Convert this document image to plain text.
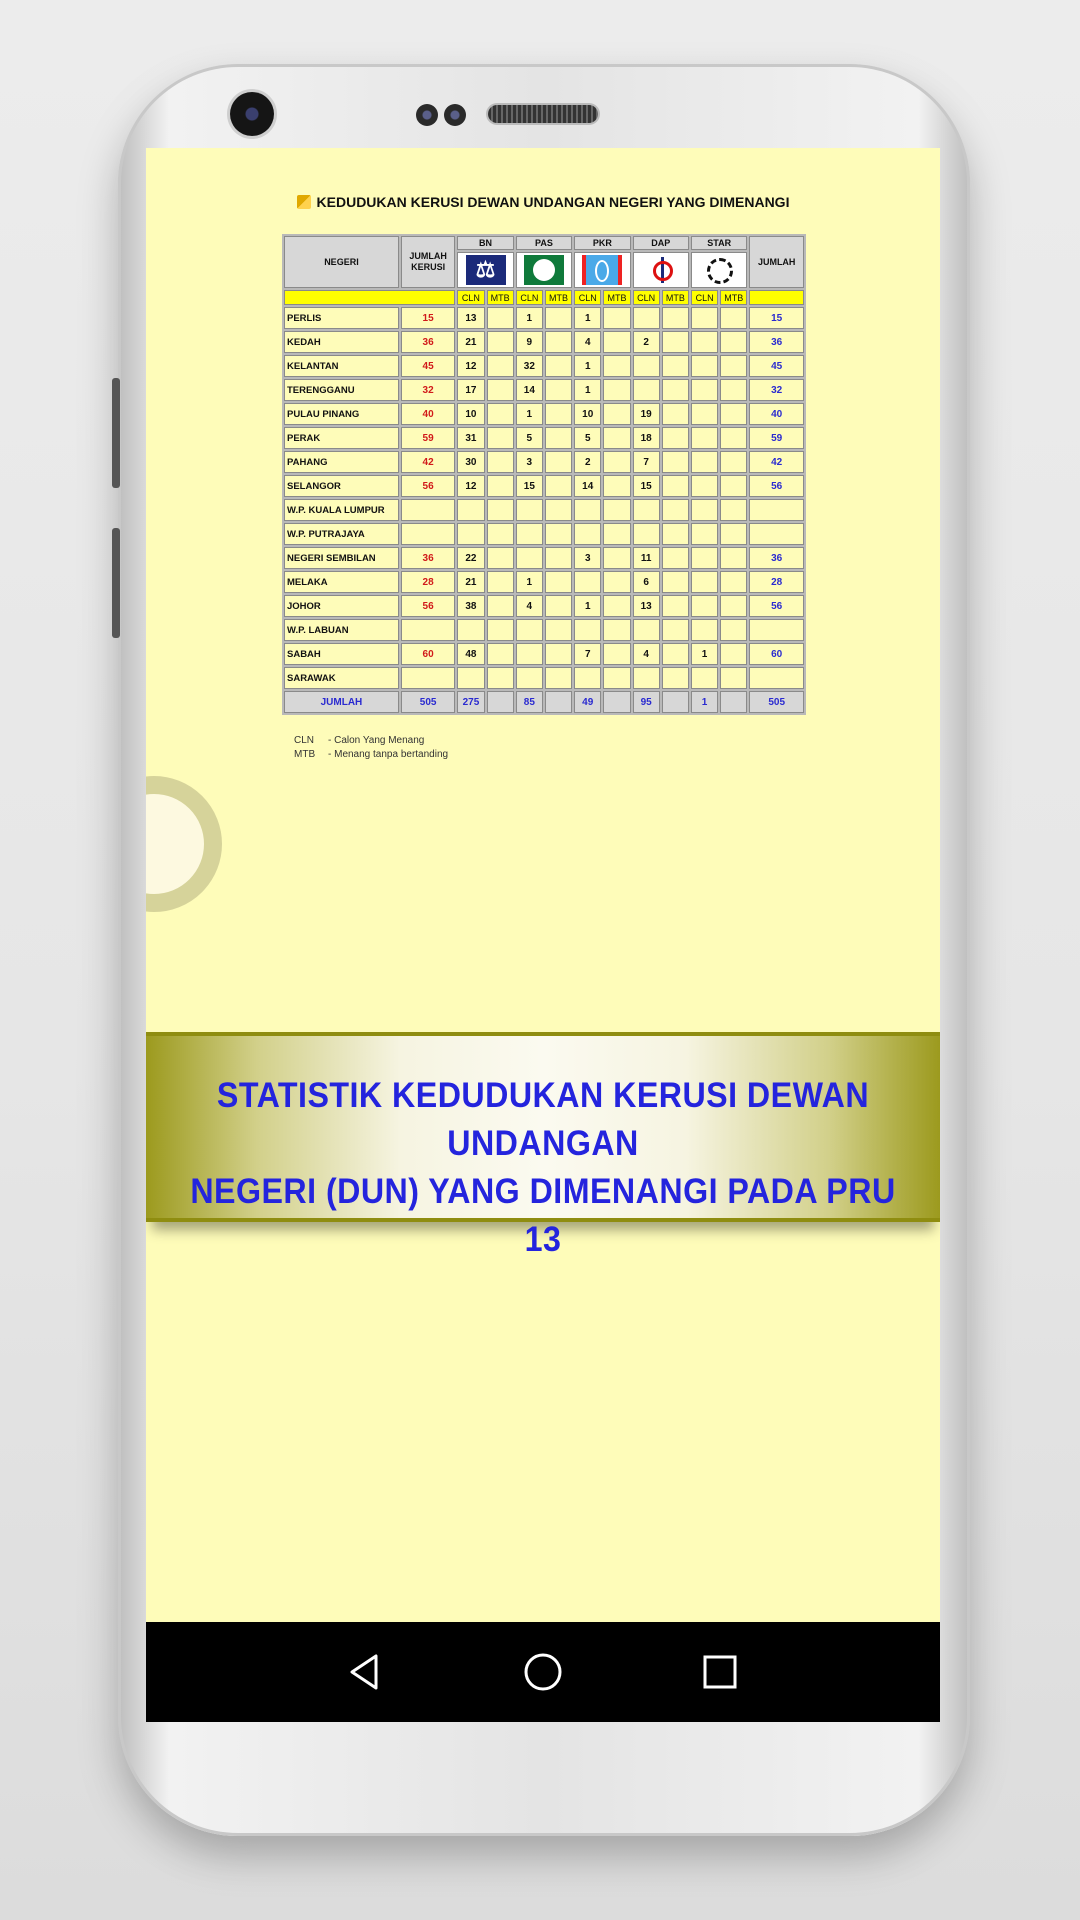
KEDUDUKAN KERUSI DEWAN UNDANGAN NEGERI YANG DIMENANGI
NEGERI	JUMLAH KERUSI	BN		PAS		PKR		DAP		STAR		JUMLAH
⚖				
		CLN	MTB	CLN	MTB	CLN	MTB	CLN	MTB	CLN	MTB	
PERLIS	15	13		1		1						15
KEDAH	36	21		9		4		2				36
KELANTAN	45	12		32		1						45
TERENGGANU	32	17		14		1						32
PULAU PINANG	40	10		1		10		19				40
PERAK	59	31		5		5		18				59
PAHANG	42	30		3		2		7				42
SELANGOR	56	12		15		14		15				56
W.P. KUALA LUMPUR												
W.P. PUTRAJAYA												
NEGERI SEMBILAN	36	22				3		11				36
MELAKA	28	21		1				6				28
JOHOR	56	38		4		1		13				56
W.P. LABUAN												
SABAH	60	48				7		4		1		60
SARAWAK												
JUMLAH	505	275		85		49		95		1		505
CLN - Calon Yang Menang
MTB - Menang tanpa bertanding
STATISTIK KEDUDUKAN KERUSI DEWAN UNDANGAN
NEGERI (DUN) YANG DIMENANGI PADA PRU 13
